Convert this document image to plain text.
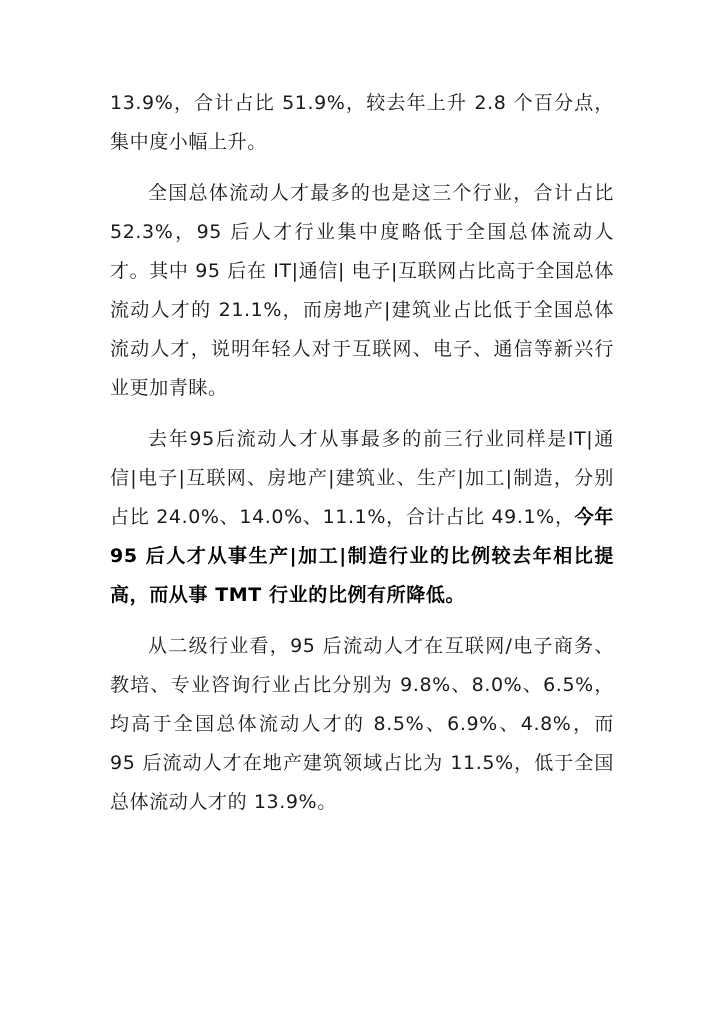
13.9%，合计占比 51.9%，较去年上升 2.8 个百分点，集中度小幅上升。

全国总体流动人才最多的也是这三个行业，合计占比 52.3%，95 后人才行业集中度略低于全国总体流动人才。其中 95 后在 IT|通信| 电子|互联网占比高于全国总体流动人才的 21.1%，而房地产|建筑业占比低于全国总体流动人才，说明年轻人对于互联网、电子、通信等新兴行业更加青睐。

去年95后流动人才从事最多的前三行业同样是IT|通信|电子|互联网、房地产|建筑业、生产|加工|制造，分别占比 24.0%、14.0%、11.1%，合计占比 49.1%，今年 95 后人才从事生产|加工|制造行业的比例较去年相比提高，而从事 TMT 行业的比例有所降低。

从二级行业看，95 后流动人才在互联网/电子商务、教培、专业咨询行业占比分别为 9.8%、8.0%、6.5%，均高于全国总体流动人才的 8.5%、6.9%、4.8%，而 95 后流动人才在地产建筑领域占比为 11.5%，低于全国总体流动人才的 13.9%。
